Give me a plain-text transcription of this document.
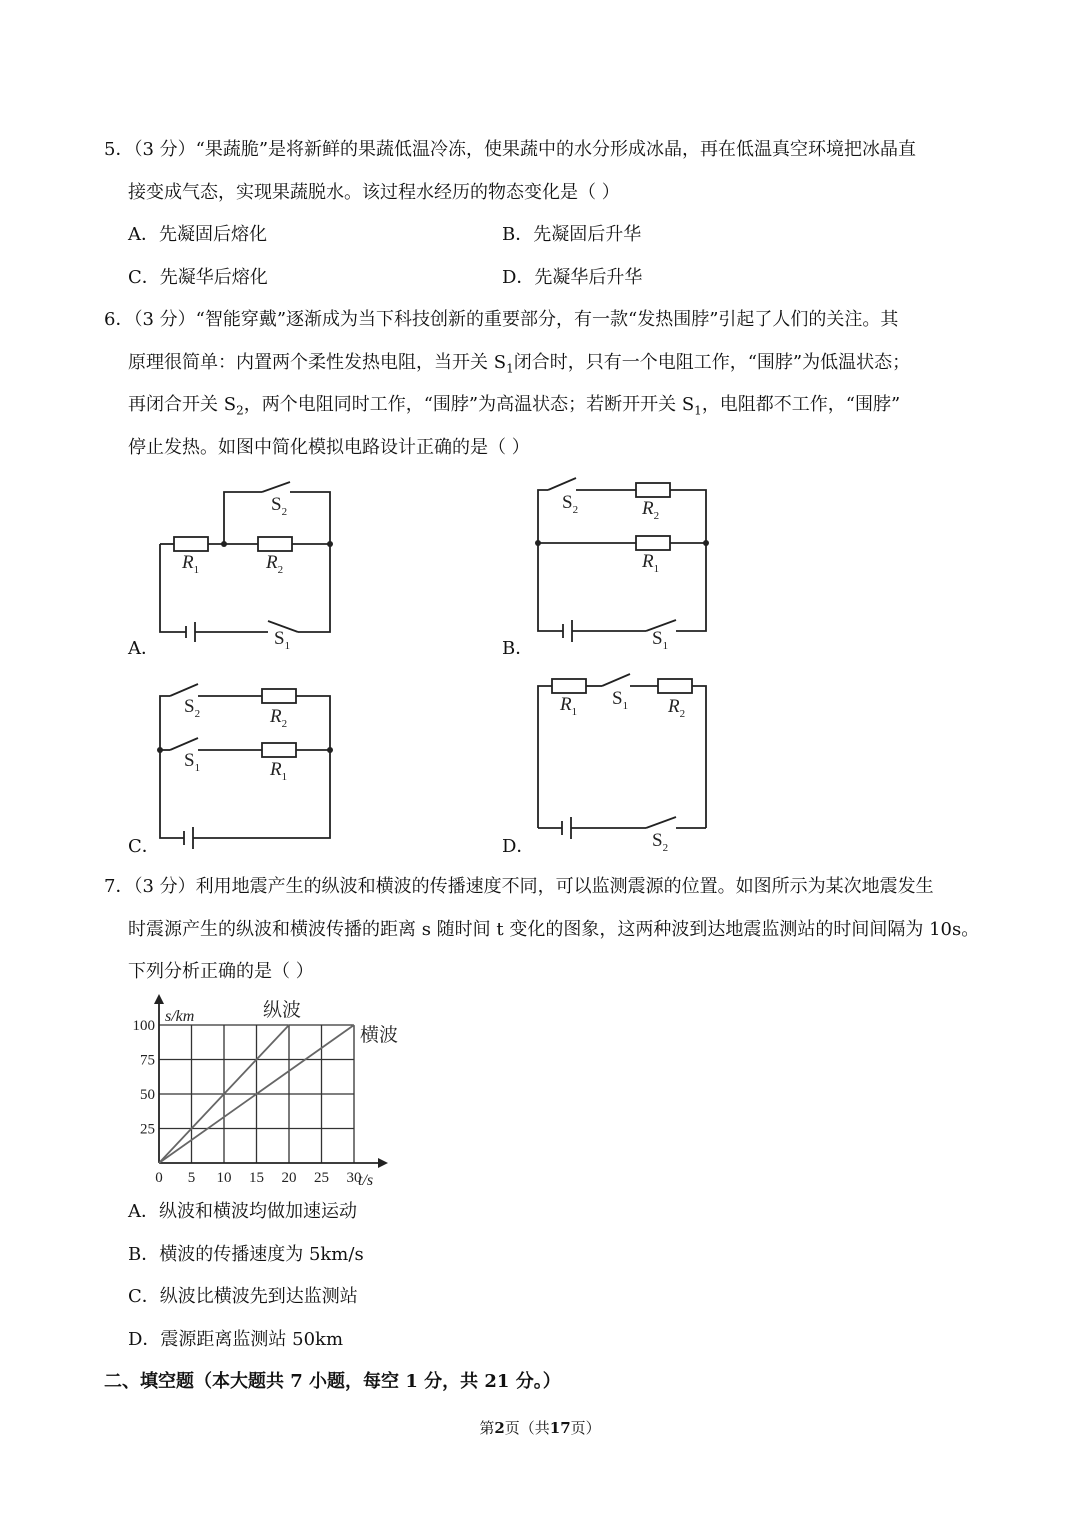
5．（3 分）“果蔬脆”是将新鲜的果蔬低温冷冻，使果蔬中的水分形成冰晶，再在低温真空环境把冰晶直
接变成气态，实现果蔬脱水。该过程水经历的物态变化是（ ）
A．先凝固后熔化	B．先凝固后升华
C．先凝华后熔化	D．先凝华后升华
6．（3 分）“智能穿戴”逐渐成为当下科技创新的重要部分，有一款“发热围脖”引起了人们的关注。其
原理很简单：内置两个柔性发热电阻，当开关 $S_1$闭合时，只有一个电阻工作，“围脖”为低温状态；
再闭合开关 $S_2$，两个电阻同时工作，“围脖”为高温状态；若断开开关 $S_1$，电阻都不工作，“围脖”
停止发热。如图中简化模拟电路设计正确的是（ ）
$S_2$
$R_1$	$R_2$
$S_1$
A．
$S_2$	$R_2$
$R_1$
$S_1$
B．
$S_2$	$R_2$
$S_1$	$R_1$
C．
$R_1$
$S_1$ $R_2$
$S_2$
D．
7．（3 分）利用地震产生的纵波和横波的传播速度不同，可以监测震源的位置。如图所示为某次地震发生
时震源产生的纵波和横波传播的距离 s 随时间 t 变化的图象，这两种波到达地震监测站的时间间隔为 10s。
下列分析正确的是（ ）
0 5 10 15 20 25 30
25
50
75
100
s/km
t/s
纵波
横波
A．纵波和横波均做加速运动
B．横波的传播速度为 5km/s
C．纵波比横波先到达监测站
D．震源距离监测站 50km
二、填空题（本大题共 7 小题，每空 1 分，共 21 分。）
第2页（共17页）
